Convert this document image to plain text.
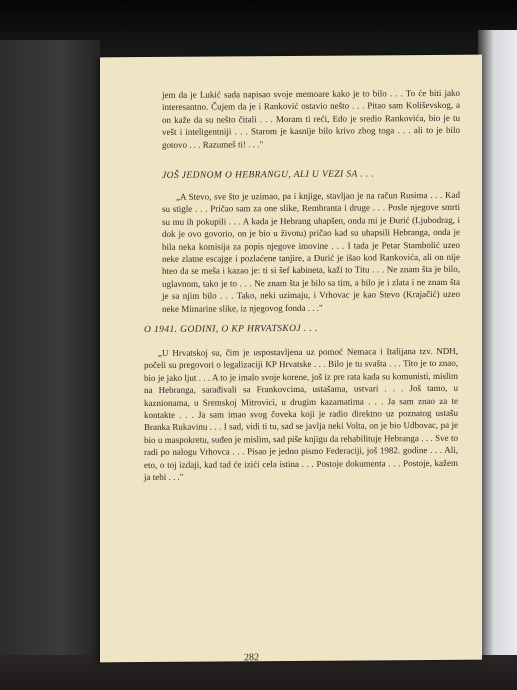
jem da je Lukić sada napisao svoje memoare kako je to bilo . . . To će biti jako interesantno. Čujem da je i Ranković ostavio nešto . . . Pitao sam Koliševskog, a on kaže da su nešto čitali . . . Moram ti reći, Edo je sredio Rankovića, bio je tu vešt i inteligentniji . . . Starom je kasnije bilo krivo zbog toga . . . ali to je bilo gotovo . . . Razumeš ti! . . ."
JOŠ JEDNOM O HEBRANGU, ALI U VEZI SA . . .
„A Stevo, sve što je uzimao, pa i knjige, stavljao je na račun Rusima . . . Kad su stigle . . . Pričao sam za one slike, Rembranta i druge . . . Posle njegove smrti su mu ih pokupili . . . A kada je Hebrang uhapšen, onda mi je Đurić (Ljubodrag, i dok je ovo govorio, on je bio u životu) pričao kad su uhapsili Hebranga, onda je bila neka komisija za popis njegove imovine . . . I tada je Petar Stambolić uzeo neke zlatne escajge i pozlaćene tanjire, a Đurić je išao kod Rankovića, ali on nije hteo da se meša i kazao je: ti si šef kabineta, kaži to Titu . . . Ne znam šta je bilo, uglavnom, tako je to . . . Ne znam šta je bilo sa tim, a bilo je i zlata i ne znam šta je sa njim bilo . . . Tako, neki uzimaju, i Vrhovac je kao Stevo (Krajačić) uzeo neke Mimarine slike, iz njegovog fonda . . ."
O 1941. GODINI, O KP HRVATSKOJ . . .
„U Hrvatskoj su, čim je uspostavljena uz pomoć Nemaca i Italijana tzv. NDH, počeli su pregovori o legalizaciji KP Hrvatske . . . Bilo je tu svašta . . . Tito je to znao, bio je jako ljut . . . A to je imalo svoje korene, još iz pre rata kada su komunisti, mislim na Hebranga, sarađivali sa Frankovcima, ustašama, ustvari . . . Još tamo, u kaznionama, u Sremskoj Mitrovici, u drugim kazamatima . . . Ja sam znao za te kontakte . . . Ja sam imao svog čoveka koji je radio direktno uz poznatog ustašu Branka Rukavinu . . . I sad, vidi ti tu, sad se javlja neki Volta, on je bio Udbovac, pa je bio u maspokretu, suđen je mislim, sad piše knjigu da rehabilituje Hebranga . . . Sve to radi po nalogu Vrhovca . . . Pisao je jedno pismo Federaciji, još 1982. godine . . . Ali, eto, o toj izdaji, kad tad će izići cela istina . . . Postoje dokumenta . . . Postoje, kažem ja tebi . . ."
282
